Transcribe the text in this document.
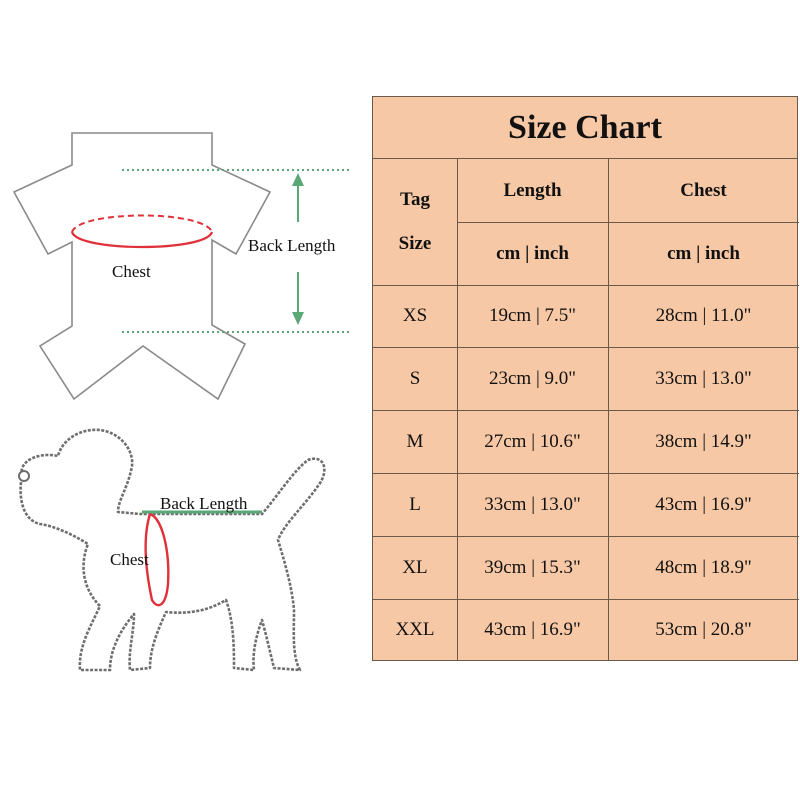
Chest
Back Length
Back Length
Chest
Size Chart
Tag
Size
Length	Chest
cm | inch	cm | inch
XS	19cm | 7.5"	28cm | 11.0"
S	23cm | 9.0"	33cm | 13.0"
M	27cm | 10.6"	38cm | 14.9"
L	33cm | 13.0"	43cm | 16.9"
XL	39cm | 15.3"	48cm | 18.9"
XXL	43cm | 16.9"	53cm | 20.8"
